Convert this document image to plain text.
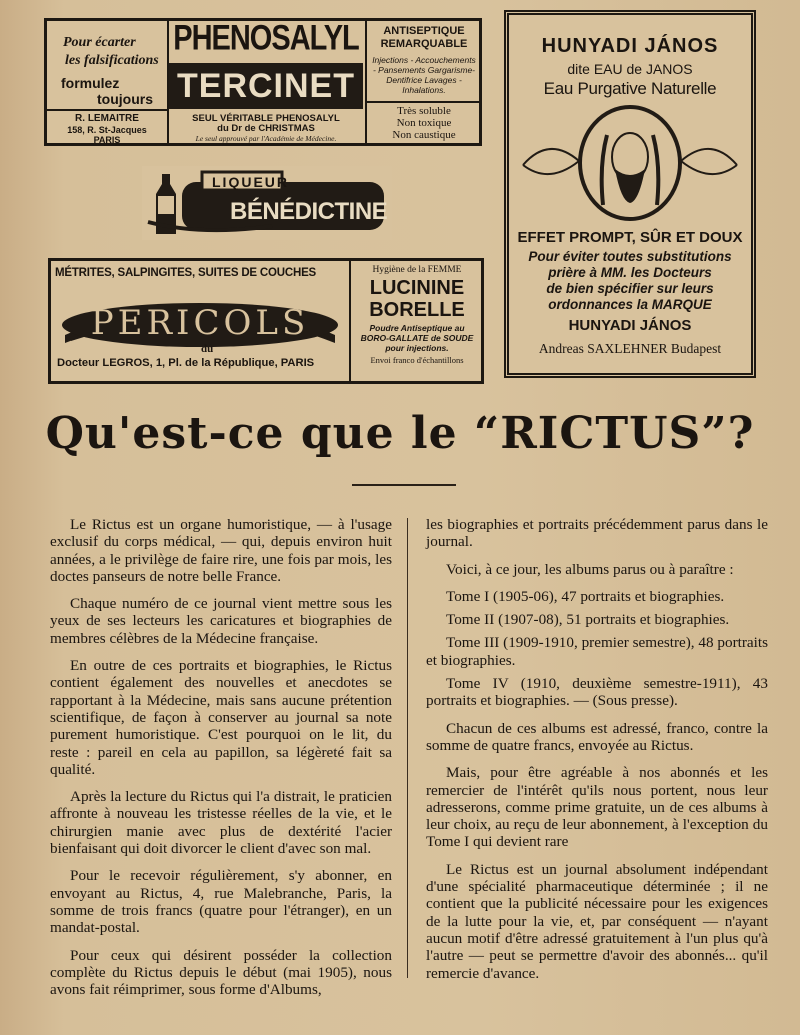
Pour écarter
les falsifications
formulez
toujours
R. LEMAITRE
158, R. St-Jacques
PARIS
PHENOSALYL
TERCINET
SEUL VÉRITABLE PHENOSALYL
du Dr de CHRISTMAS
Le seul approuvé par l'Académie de Médecine.
ANTISEPTIQUE REMARQUABLE
Injections - Accouchements - Pansements Gargarisme-Dentifrice Lavages - Inhalations.
Très soluble
Non toxique
Non caustique
LIQUEUR
BÉNÉDICTINE
MÉTRITES, SALPINGITES, SUITES DE COUCHES
PERICOLS
du
Docteur LEGROS, 1, Pl. de la République, PARIS
Hygiène de la FEMME
LUCININE
BORELLE
Poudre Antiseptique au BORO-GALLATE de SOUDE pour injections.
Envoi franco d'échantillons
HUNYADI JÁNOS
dite EAU de JANOS
Eau Purgative Naturelle
EFFET PROMPT, SÛR ET DOUX
Pour éviter toutes substitutions
prière à MM. les Docteurs
de bien spécifier sur leurs
ordonnances la MARQUE
HUNYADI JÁNOS
Andreas SAXLEHNER Budapest
Qu'est-ce que le “RICTUS”?

Le Rictus est un organe humoristique, — à l'usage exclusif du corps médical, — qui, depuis environ huit années, a le privilège de faire rire, une fois par mois, les doctes panseurs de notre belle France.

Chaque numéro de ce journal vient mettre sous les yeux de ses lecteurs les caricatures et biographies de membres célèbres de la Médecine française.

En outre de ces portraits et biographies, le Rictus contient également des nouvelles et anecdotes se rapportant à la Médecine, mais sans aucune prétention scientifique, de façon à conserver au journal sa note purement humoristique. C'est pourquoi on le lit, du reste : pareil en cela au papillon, sa légèreté fait sa qualité.

Après la lecture du Rictus qui l'a distrait, le praticien affronte à nouveau les tristesse réelles de la vie, et le chirurgien manie avec plus de dextérité l'acier bienfaisant qui doit divorcer le client d'avec son mal.

Pour le recevoir régulièrement, s'y abonner, en envoyant au Rictus, 4, rue Malebranche, Paris, la somme de trois francs (quatre pour l'étranger), en un mandat-postal.

Pour ceux qui désirent posséder la collection complète du Rictus depuis le début (mai 1905), nous avons fait réimprimer, sous forme d'Albums,

les biographies et portraits précédemment parus dans le journal.

Voici, à ce jour, les albums parus ou à paraître :

Tome I (1905-06), 47 portraits et biographies.

Tome II (1907-08), 51 portraits et biographies.

Tome III (1909-1910, premier semestre), 48 portraits et biographies.

Tome IV (1910, deuxième semestre-1911), 43 portraits et biographies. — (Sous presse).

Chacun de ces albums est adressé, franco, contre la somme de quatre francs, envoyée au Rictus.

Mais, pour être agréable à nos abonnés et les remercier de l'intérêt qu'ils nous portent, nous leur adresserons, comme prime gratuite, un de ces albums à leur choix, au reçu de leur abonnement, à l'exception du Tome I qui devient rare

Le Rictus est un journal absolument indépendant d'une spécialité pharmaceutique déterminée ; il ne contient que la publicité nécessaire pour les exigences de la lutte pour la vie, et, par conséquent — n'ayant aucun motif d'être adressé gratuitement à l'un plus qu'à l'autre — peut se permettre d'avoir des abonnés... qu'il remercie d'avance.
